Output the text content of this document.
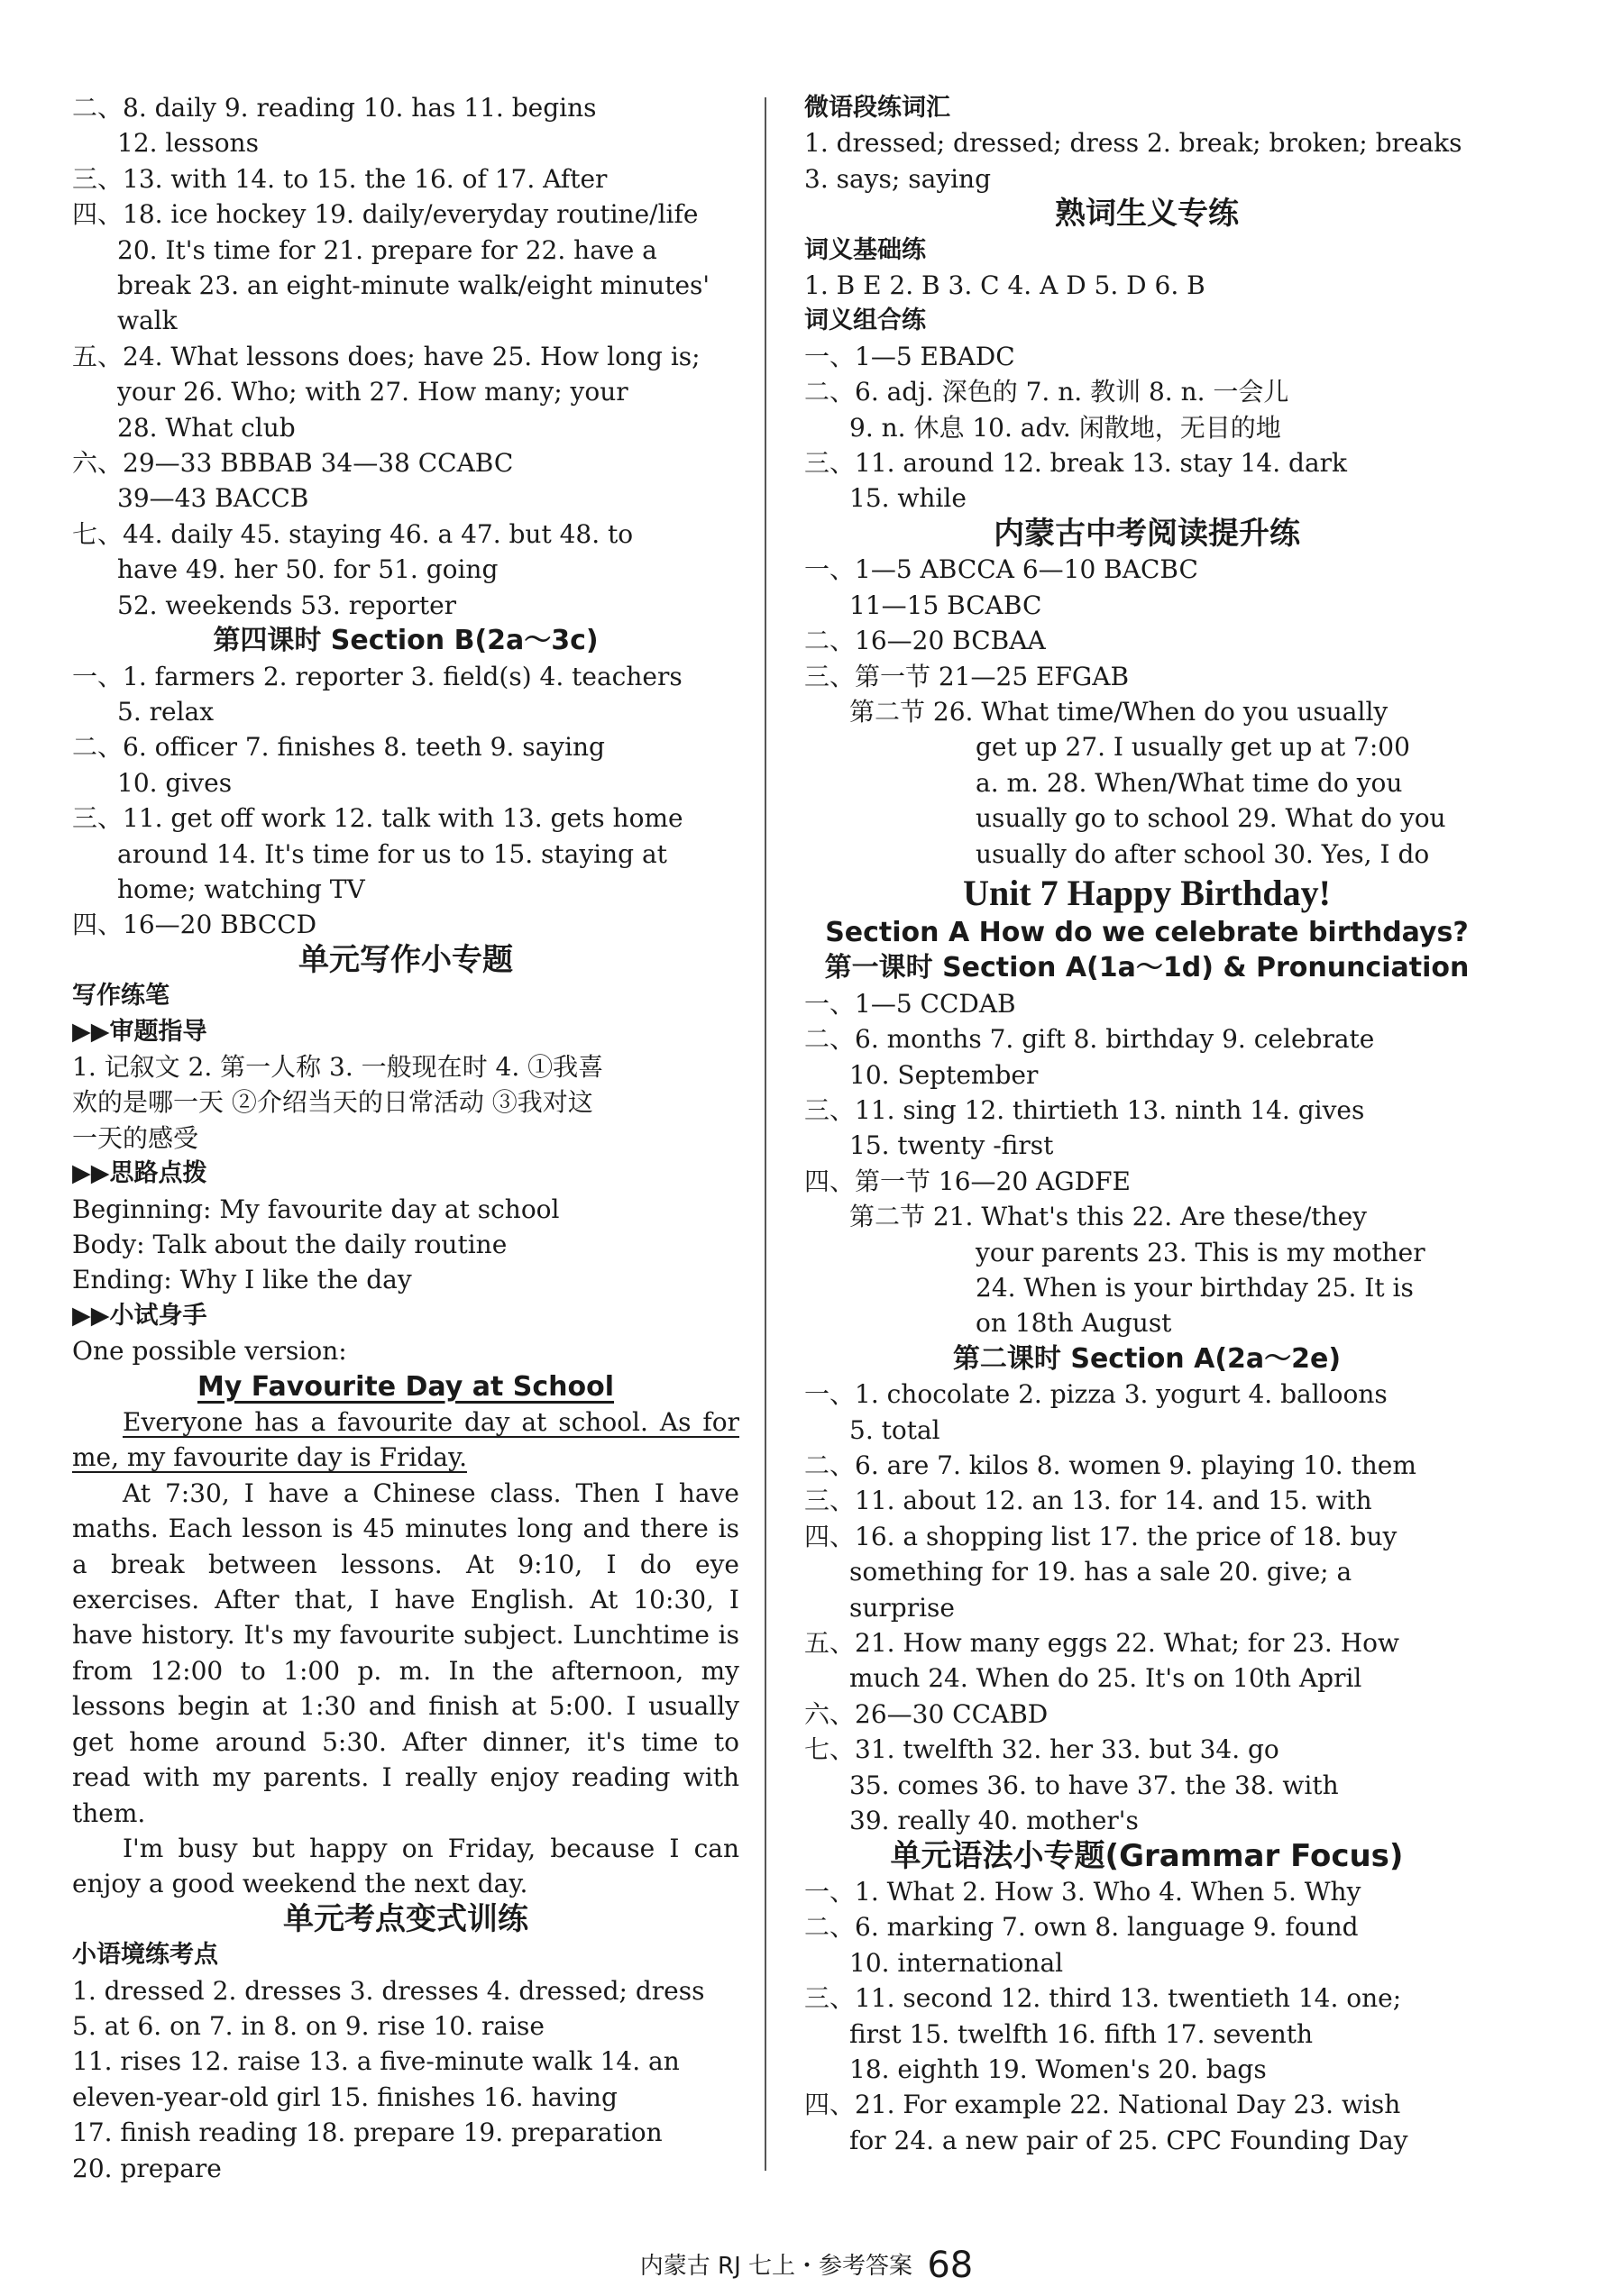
二、8. daily 9. reading 10. has 11. begins
12. lessons
三、13. with 14. to 15. the 16. of 17. After
四、18. ice hockey 19. daily/everyday routine/life
20. It's time for 21. prepare for 22. have a
break 23. an eight-minute walk/eight minutes'
walk
五、24. What lessons does; have 25. How long is;
your 26. Who; with 27. How many; your
28. What club
六、29—33 BBBAB 34—38 CCABC
39—43 BACCB
七、44. daily 45. staying 46. a 47. but 48. to
have 49. her 50. for 51. going
52. weekends 53. reporter
第四课时 Section B(2a～3c)
一、1. farmers 2. reporter 3. field(s) 4. teachers
5. relax
二、6. officer 7. finishes 8. teeth 9. saying
10. gives
三、11. get off work 12. talk with 13. gets home
around 14. It's time for us to 15. staying at
home; watching TV
四、16—20 BBCCD
单元写作小专题
写作练笔
▶▶审题指导
1. 记叙文 2. 第一人称 3. 一般现在时 4. ①我喜
欢的是哪一天 ②介绍当天的日常活动 ③我对这
一天的感受
▶▶思路点拨
Beginning: My favourite day at school
Body: Talk about the daily routine
Ending: Why I like the day
▶▶小试身手
One possible version:
My Favourite Day at School
Everyone has a favourite day at school. As for me, my favourite day is Friday.
At 7:30, I have a Chinese class. Then I have maths. Each lesson is 45 minutes long and there is a break between lessons. At 9:10, I do eye exercises. After that, I have English. At 10:30, I have history. It's my favourite subject. Lunchtime is from 12:00 to 1:00 p. m. In the afternoon, my lessons begin at 1:30 and finish at 5:00. I usually get home around 5:30. After dinner, it's time to read with my parents. I really enjoy reading with them.
I'm busy but happy on Friday, because I can enjoy a good weekend the next day.
单元考点变式训练
小语境练考点
1. dressed 2. dresses 3. dresses 4. dressed; dress
5. at 6. on 7. in 8. on 9. rise 10. raise
11. rises 12. raise 13. a five-minute walk 14. an
eleven-year-old girl 15. finishes 16. having
17. finish reading 18. prepare 19. preparation
20. prepare
微语段练词汇
1. dressed; dressed; dress 2. break; broken; breaks
3. says; saying
熟词生义专练
词义基础练
1. B E 2. B 3. C 4. A D 5. D 6. B
词义组合练
一、1—5 EBADC
二、6. adj. 深色的 7. n. 教训 8. n. 一会儿
9. n. 休息 10. adv. 闲散地，无目的地
三、11. around 12. break 13. stay 14. dark
15. while
内蒙古中考阅读提升练
一、1—5 ABCCA 6—10 BACBC
11—15 BCABC
二、16—20 BCBAA
三、第一节 21—25 EFGAB
第二节 26. What time/When do you usually
get up 27. I usually get up at 7:00
a. m. 28. When/What time do you
usually go to school 29. What do you
usually do after school 30. Yes, I do
Unit 7 Happy Birthday!
Section A How do we celebrate birthdays?
第一课时 Section A(1a～1d) & Pronunciation
一、1—5 CCDAB
二、6. months 7. gift 8. birthday 9. celebrate
10. September
三、11. sing 12. thirtieth 13. ninth 14. gives
15. twenty -first
四、第一节 16—20 AGDFE
第二节 21. What's this 22. Are these/they
your parents 23. This is my mother
24. When is your birthday 25. It is
on 18th August
第二课时 Section A(2a～2e)
一、1. chocolate 2. pizza 3. yogurt 4. balloons
5. total
二、6. are 7. kilos 8. women 9. playing 10. them
三、11. about 12. an 13. for 14. and 15. with
四、16. a shopping list 17. the price of 18. buy
something for 19. has a sale 20. give; a
surprise
五、21. How many eggs 22. What; for 23. How
much 24. When do 25. It's on 10th April
六、26—30 CCABD
七、31. twelfth 32. her 33. but 34. go
35. comes 36. to have 37. the 38. with
39. really 40. mother's
单元语法小专题(Grammar Focus)
一、1. What 2. How 3. Who 4. When 5. Why
二、6. marking 7. own 8. language 9. found
10. international
三、11. second 12. third 13. twentieth 14. one;
first 15. twelfth 16. fifth 17. seventh
18. eighth 19. Women's 20. bags
四、21. For example 22. National Day 23. wish
for 24. a new pair of 25. CPC Founding Day
内蒙古 RJ 七上・参考答案 68
